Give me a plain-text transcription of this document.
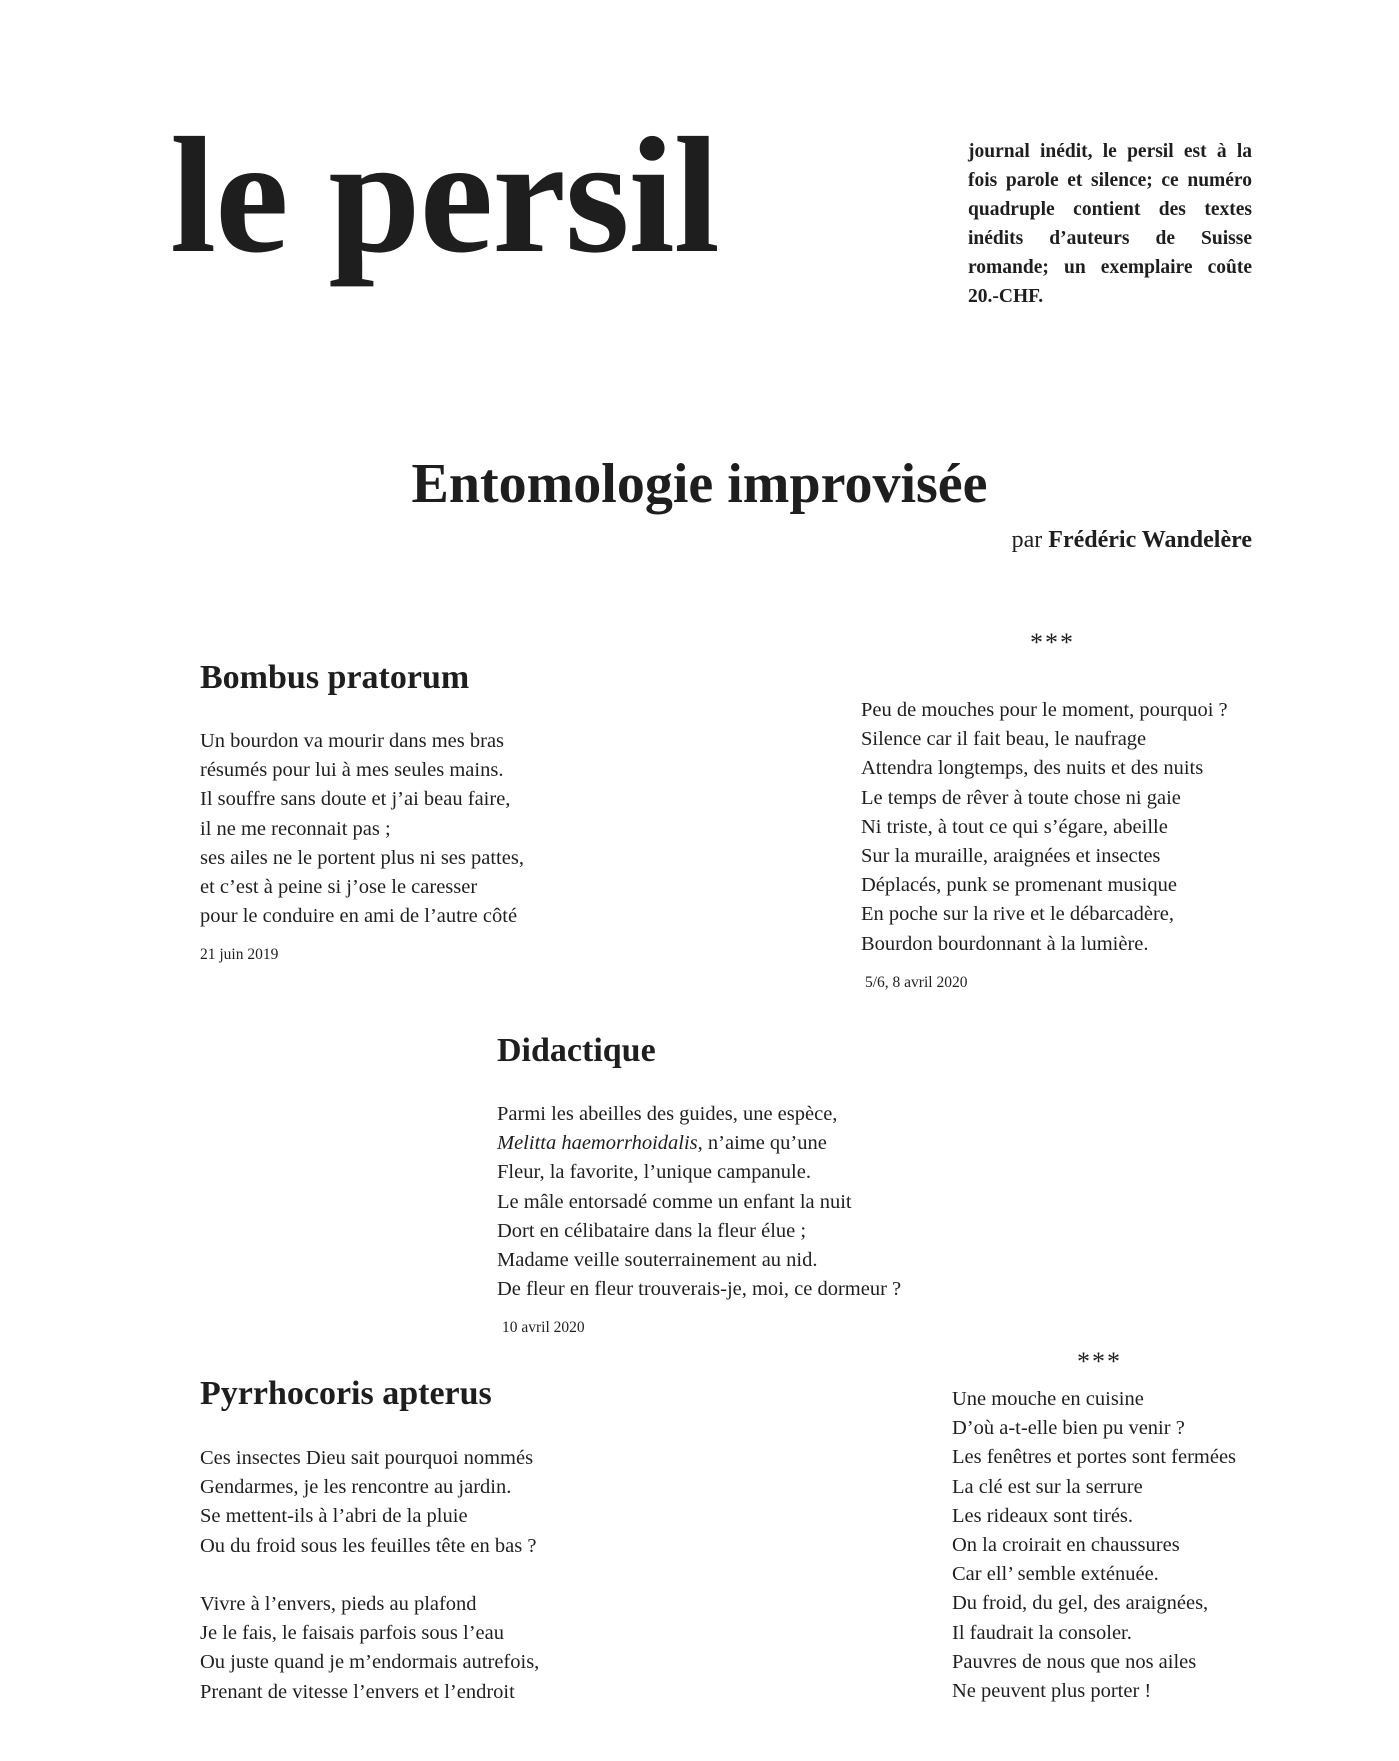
le persil	journal inédit, le persil est à la fois parole et silence; ce numéro quadruple contient des textes inédits d’auteurs de Suisse romande; un exemplaire coûte 20.-CHF.

Entomologie improvisée

par Frédéric Wandelère

Bombus pratorum
Un bourdon va mourir dans mes bras
résumés pour lui à mes seules mains.
Il souffre sans doute et j’ai beau faire,
il ne me reconnait pas ;
ses ailes ne le portent plus ni ses pattes,
et c’est à peine si j’ose le caresser
pour le conduire en ami de l’autre côté

21 juin 2019

***
Peu de mouches pour le moment, pourquoi ?
Silence car il fait beau, le naufrage
Attendra longtemps, des nuits et des nuits
Le temps de rêver à toute chose ni gaie
Ni triste, à tout ce qui s’égare, abeille
Sur la muraille, araignées et insectes
Déplacés, punk se promenant musique
En poche sur la rive et le débarcadère,
Bourdon bourdonnant à la lumière.

5/6, 8 avril 2020

Didactique
Parmi les abeilles des guides, une espèce,
Melitta haemorrhoidalis, n’aime qu’une
Fleur, la favorite, l’unique campanule.
Le mâle entorsadé comme un enfant la nuit
Dort en célibataire dans la fleur élue ;
Madame veille souterrainement au nid.
De fleur en fleur trouverais-je, moi, ce dormeur ?

10 avril 2020

Pyrrhocoris apterus
Ces insectes Dieu sait pourquoi nommés
Gendarmes, je les rencontre au jardin.
Se mettent-ils à l’abri de la pluie
Ou du froid sous les feuilles tête en bas ?
Vivre à l’envers, pieds au plafond
Je le fais, le faisais parfois sous l’eau
Ou juste quand je m’endormais autrefois,
Prenant de vitesse l’envers et l’endroit
***
Une mouche en cuisine
D’où a-t-elle bien pu venir ?
Les fenêtres et portes sont fermées
La clé est sur la serrure
Les rideaux sont tirés.
On la croirait en chaussures
Car ell’ semble exténuée.
Du froid, du gel, des araignées,
Il faudrait la consoler.
Pauvres de nous que nos ailes
Ne peuvent plus porter !
